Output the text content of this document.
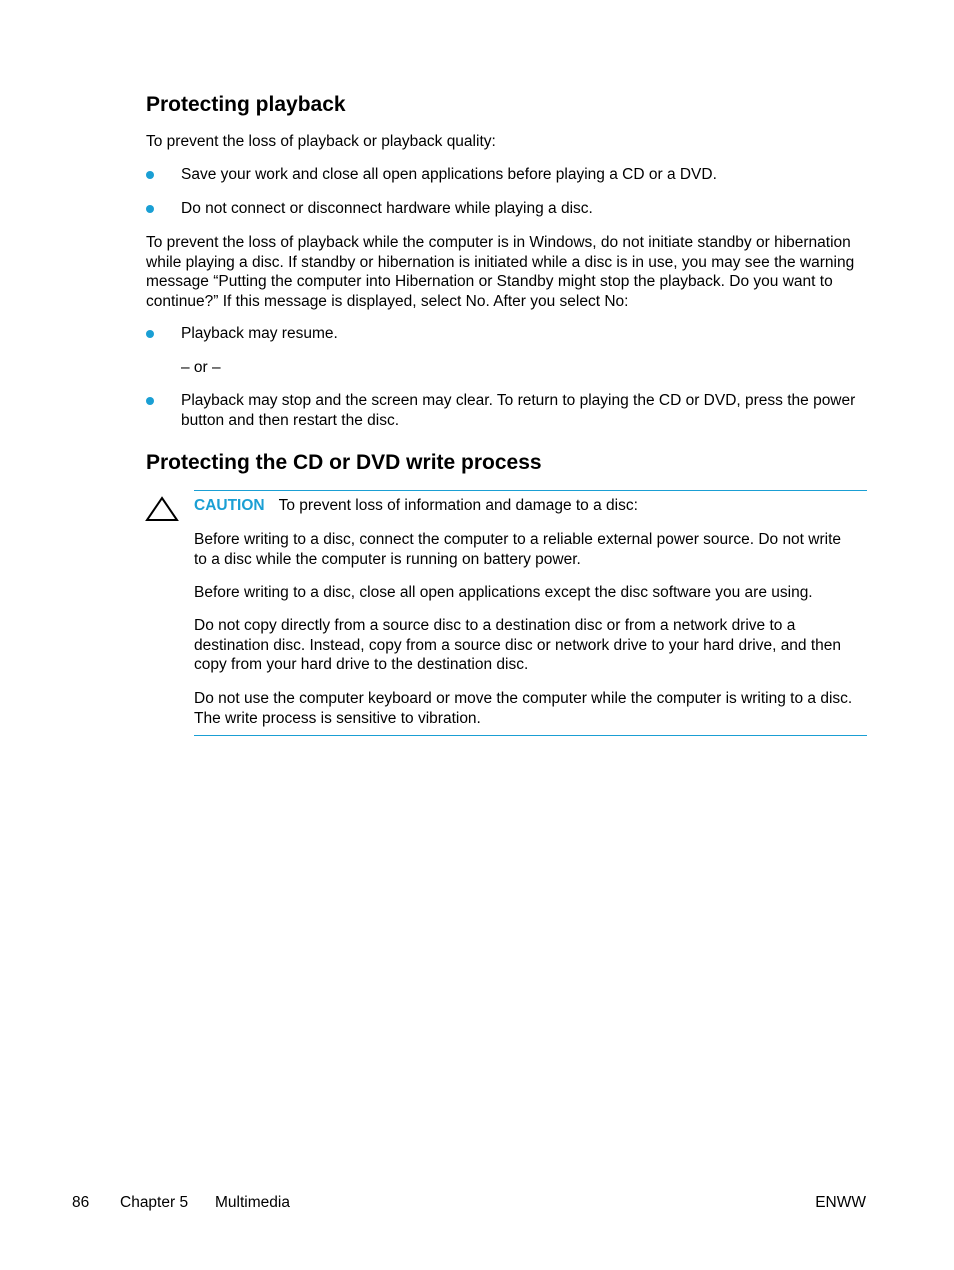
Protecting playback

To prevent the loss of playback or playback quality:

Save your work and close all open applications before playing a CD or a DVD.

Do not connect or disconnect hardware while playing a disc.

To prevent the loss of playback while the computer is in Windows, do not initiate standby or hibernation while playing a disc. If standby or hibernation is initiated while a disc is in use, you may see the warning message “Putting the computer into Hibernation or Standby might stop the playback. Do you want to continue?” If this message is displayed, select No. After you select No:

Playback may resume.

– or –

Playback may stop and the screen may clear. To return to playing the CD or DVD, press the power button and then restart the disc.

Protecting the CD or DVD write process

CAUTION To prevent loss of information and damage to a disc:

Before writing to a disc, connect the computer to a reliable external power source. Do not write to a disc while the computer is running on battery power.

Before writing to a disc, close all open applications except the disc software you are using.

Do not copy directly from a source disc to a destination disc or from a network drive to a destination disc. Instead, copy from a source disc or network drive to your hard drive, and then copy from your hard drive to the destination disc.

Do not use the computer keyboard or move the computer while the computer is writing to a disc. The write process is sensitive to vibration.

86 Chapter 5 Multimedia	ENWW
